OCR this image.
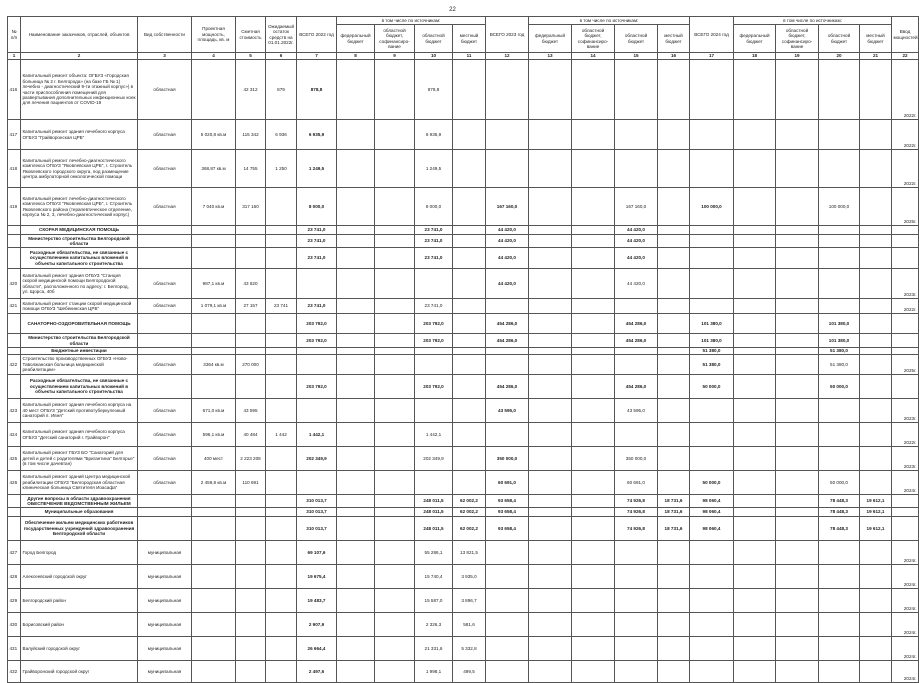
22
№ п/п	Наименование заказчиков, отраслей, объектов	Вид собственности	Проектная мощность, площадь, кв. м	Сметная стоимость	Ожидаемый остаток средств на 01.01.2022г.	ВСЕГО 2022 год	в том числе по источникам:				ВСЕГО 2023 год	в том числе по источникам:				ВСЕГО 2024 год	в том числе по источникам:				Ввод мощностей
							федеральный бюджет	областной бюджет, софинансиро-вание	областной бюджет	местный бюджет		федеральный бюджет	областной бюджет, софинансиро-вание	областной бюджет	местный бюджет		федеральный бюджет	областной бюджет, софинансиро-вание	областной бюджет	местный бюджет	
1	2	3	4	5	6	7	8	9	10	11	12	13	14	15	16	17	18	19	20	21	22
416	Капитальный ремонт объекта: ОГБУЗ «Городская больница № 2 г. Белгорода» (на базе ГБ № 1) лечебно - диагностический 9-ти этажный корпус») в части приспособления помещений для развертывания дополнительных инфекционных коек для лечения пациентов от COVID-19	областная		42 312	879	878,8			878,8												2022г.
417	Капитальный ремонт здания лечебного корпуса ОГБУЗ "Грайворонская ЦРБ"	областная	5 020,8 кв.м	115 342	6 936	6 935,9			6 935,9												2022г.
418	Капитальный ремонт лечебно-диагностического комплекса ОГБУЗ "Яковлевская ЦРБ", г. Строитель Яковлевского городского округа, под размещение центра амбулаторной онкологической помощи	областная	368,87 кв.м	14 755	1 250	1 249,5			1 249,5												2022г.
419	Капитальный ремонт лечебно-диагностического комплекса ОГБУЗ "Яковлевская ЦРБ", г. Строитель Яковлевского района (терапевтическое отделение, корпуса № 2, 3, лечебно-диагностический корпус)	областная	7 040 кв.м	317 160		8 000,0			8 000,0		167 160,0			167 160,0		100 000,0			100 000,0		2025г.
	СКОРАЯ МЕДИЦИНСКАЯ ПОМОЩЬ					23 741,0			23 741,0		44 420,0			44 420,0							
	Министерство строительства Белгородской области					23 741,0			23 741,0		44 420,0			44 420,0							
	Расходные обязательства, не связанные с осуществлением капитальных вложений в объекты капитального строительства					23 741,0			23 741,0		44 420,0			44 420,0							
420	Капитальный ремонт здания ОГБУЗ "Станция скорой медицинской помощи Белгородской области", расположенного по адресу: г. Белгород, ул. Щорса, 40б	областная	987,1 кв.м	43 620							44 420,0			44 420,0							2023г.
421	Капитальный ремонт станции скорой медицинской помощи ОГБУЗ "Шебекинская ЦРБ"	областная	1 079,1 кв.м	27 157	23 741	23 741,0			23 741,0												2022г.
	САНАТОРНО-ОЗДОРОВИТЕЛЬНАЯ ПОМОЩЬ					203 792,0			203 792,0		454 286,0			454 286,0		101 380,0			101 380,0		
	Министерство строительства Белгородской области					203 792,0			203 792,0		454 286,0			454 286,0		101 380,0			101 380,0		
	Бюджетные инвестиции															51 380,0			51 380,0		
422	Строительство производственных ОГБУЗ «Ново-Таволжанская больница медицинской реабилитации»	областная	3364 кв.м	270 000												51 380,0			51 380,0		2025г.
	Расходные обязательства, не связанные с осуществлением капитальных вложений в объекты капитального строительства					203 792,0			203 792,0		454 286,0			454 286,0		50 000,0			50 000,0		
423	Капитальный ремонт здания лечебного корпуса на 40 мест ОГБУЗ "Детский противотуберкулезный санаторий п. Ивня"	областная	671,0 кв.м	43 595							43 595,0			43 595,0							2023г.
424	Капитальный ремонт здания лечебного корпуса ОГБУЗ "Детский санаторий г. Грайворон"	областная	596,1 кв.м	40 484	1 442	1 442,1			1 442,1												2022г.
425	Капитальный ремонт ГБУЗ БО "Санаторий для детей и детей с родителями "Бригантина" Белгорье" (в том числе дачевтан)	областная	400 мест	2 223 208		202 349,9			202 349,9		350 000,0			350 000,0							2023г.
426	Капитальный ремонт зданий Центра медицинской реабилитации ОГБУЗ "Белгородская областная клиническая больница Святителя Иоасафа"	областная	2 459,8 кв.м	110 691							60 691,0			60 691,0		50 000,0			50 000,0		2024г.
	Другие вопросы в области здравоохранения ОБЕСПЕЧЕНИЕ ВЕДОМСТВЕННЫМ ЖИЛЬЕМ					310 013,7			248 011,5	62 002,2	93 658,4			74 926,8	18 731,6	98 060,4			78 448,3	19 612,1	
	Муниципальные образования					310 013,7			248 011,5	62 002,2	93 658,4			74 926,8	18 731,6	98 060,4			78 448,3	19 612,1	
	Обеспечение жильем медицинских работников государственных учреждений здравоохранения Белгородской области					310 013,7			248 011,5	62 002,2	93 658,4			74 926,8	18 731,6	98 060,4			78 448,3	19 612,1	
427	Город Белгород	муниципальная				69 107,6			55 286,1	13 821,5											2024г.
428	Алексеевский городской округ	муниципальная				19 675,4			15 740,4	3 935,0											2024г.
429	Белгородский район	муниципальная				19 483,7			15 587,0	3 896,7											2024г.
430	Борисовский район	муниципальная				2 907,9			2 326,3	581,6											2024г.
431	Валуйский городской округ	муниципальная				26 664,4			21 331,6	5 332,8											2024г.
432	Грайворонский городской округ	муниципальная				2 497,6			1 998,1	499,5											2024г.
